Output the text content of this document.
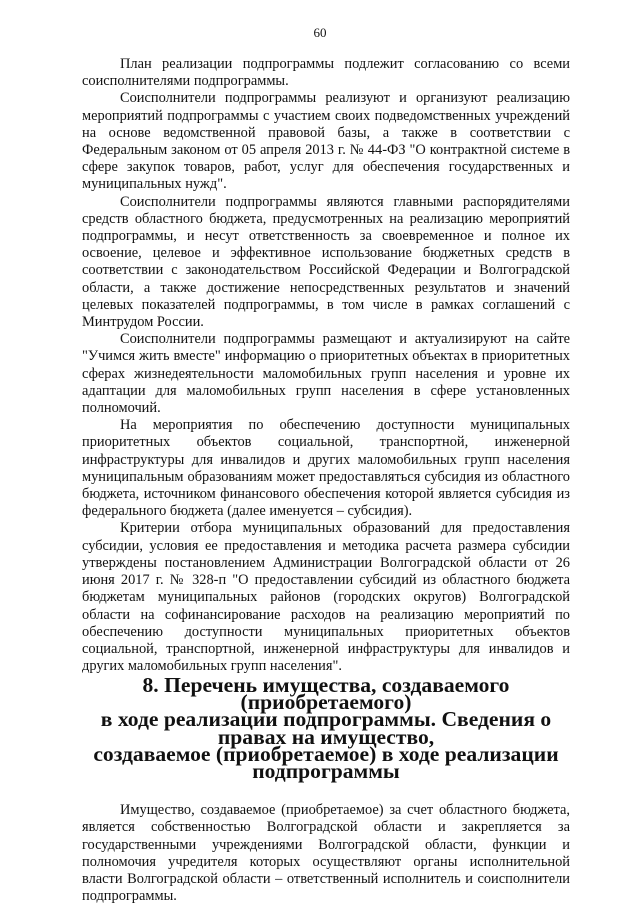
60

План реализации подпрограммы подлежит согласованию со всеми соисполнителями подпрограммы.

Соисполнители подпрограммы реализуют и организуют реализацию мероприятий подпрограммы с участием своих подведомственных учреждений на основе ведомственной правовой базы, а также в соответствии с Федеральным законом от 05 апреля 2013 г. № 44-ФЗ "О контрактной системе в сфере закупок товаров, работ, услуг для обеспечения государственных и муниципальных нужд".

Соисполнители подпрограммы являются главными распорядителями средств областного бюджета, предусмотренных на реализацию мероприятий подпрограммы, и несут ответственность за своевременное и полное их освоение, целевое и эффективное использование бюджетных средств в соответствии с законодательством Российской Федерации и Волгоградской области, а также достижение непосредственных результатов и значений целевых показателей подпрограммы, в том числе в рамках соглашений с Минтрудом России.

Соисполнители подпрограммы размещают и актуализируют на сайте "Учимся жить вместе" информацию о приоритетных объектах в приоритетных сферах жизнедеятельности маломобильных групп населения и уровне их адаптации для маломобильных групп населения в сфере установленных полномочий.

На мероприятия по обеспечению доступности муниципальных приоритетных объектов социальной, транспортной, инженерной инфраструктуры для инвалидов и других маломобильных групп населения муниципальным образованиям может предоставляться субсидия из областного бюджета, источником финансового обеспечения которой является субсидия из федерального бюджета (далее именуется – субсидия).

Критерии отбора муниципальных образований для предоставления субсидии, условия ее предоставления и методика расчета размера субсидии утверждены постановлением Администрации Волгоградской области от 26 июня 2017 г. № 328-п "О предоставлении субсидий из областного бюджета бюджетам муниципальных районов (городских округов) Волгоградской области на софинансирование расходов на реализацию мероприятий по обеспечению доступности муниципальных приоритетных объектов социальной, транспортной, инженерной инфраструктуры для инвалидов и других маломобильных групп населения".

8. Перечень имущества, создаваемого (приобретаемого)
в ходе реализации подпрограммы. Сведения о правах на имущество,
создаваемое (приобретаемое) в ходе реализации подпрограммы

Имущество, создаваемое (приобретаемое) за счет областного бюджета, является собственностью Волгоградской области и закрепляется за государственными учреждениями Волгоградской области, функции и полномочия учредителя которых осуществляют органы исполнительной власти Волгоградской области – ответственный исполнитель и соисполнители подпрограммы.
